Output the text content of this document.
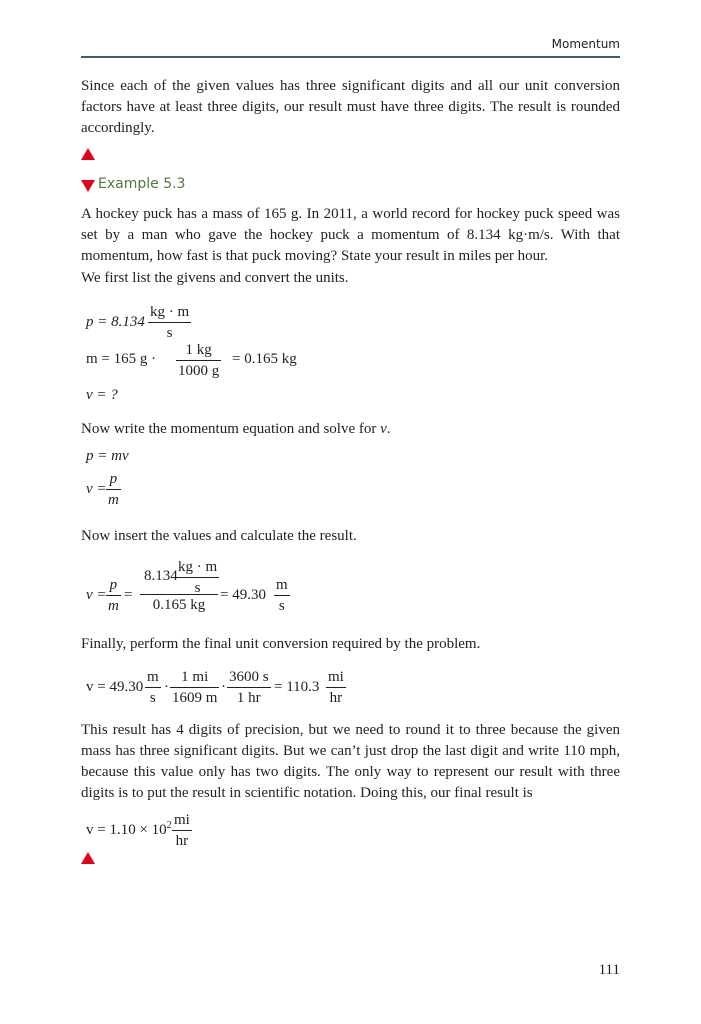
Momentum
Since each of the given values has three significant digits and all our unit conversion factors have at least three digits, our result must have three digits. The result is rounded accordingly.
Example 5.3
A hockey puck has a mass of 165 g. In 2011, a world record for hockey puck speed was set by a man who gave the hockey puck a momentum of 8.134 kg·m/s. With that momentum, how fast is that puck moving? State your result in miles per hour.
We first list the givens and convert the units.
$p = 8.134 \frac{kg \cdot m}{s}$
m = 165 $g \cdot \frac{1 kg}{1000 g} = 0.165$ kg
v = ?
Now write the momentum equation and solve for v.
p = mv
$v = \frac{p}{m}$
Now insert the values and calculate the result.
$v = \frac{p}{m} = 8.134$
$\frac{kg \cdot m}{s}$
0.165 kg = $49.30 \frac{m}{s}$
Finally, perform the final unit conversion required by the problem.
$v = 49.30 \frac{m}{s} \cdot \frac{1 mi}{1609 m} \cdot \frac{3600 s}{1 hr} = 110.3 \frac{mi}{hr}$
This result has 4 digits of precision, but we need to round it to three because the given mass has three significant digits. But we can’t just drop the last digit and write 110 mph, because this value only has two digits. The only way to represent our result with three digits is to put the result in scientific notation. Doing this, our final result is
$v = 1.10 \times 10^2 \frac{mi}{hr}$
111
